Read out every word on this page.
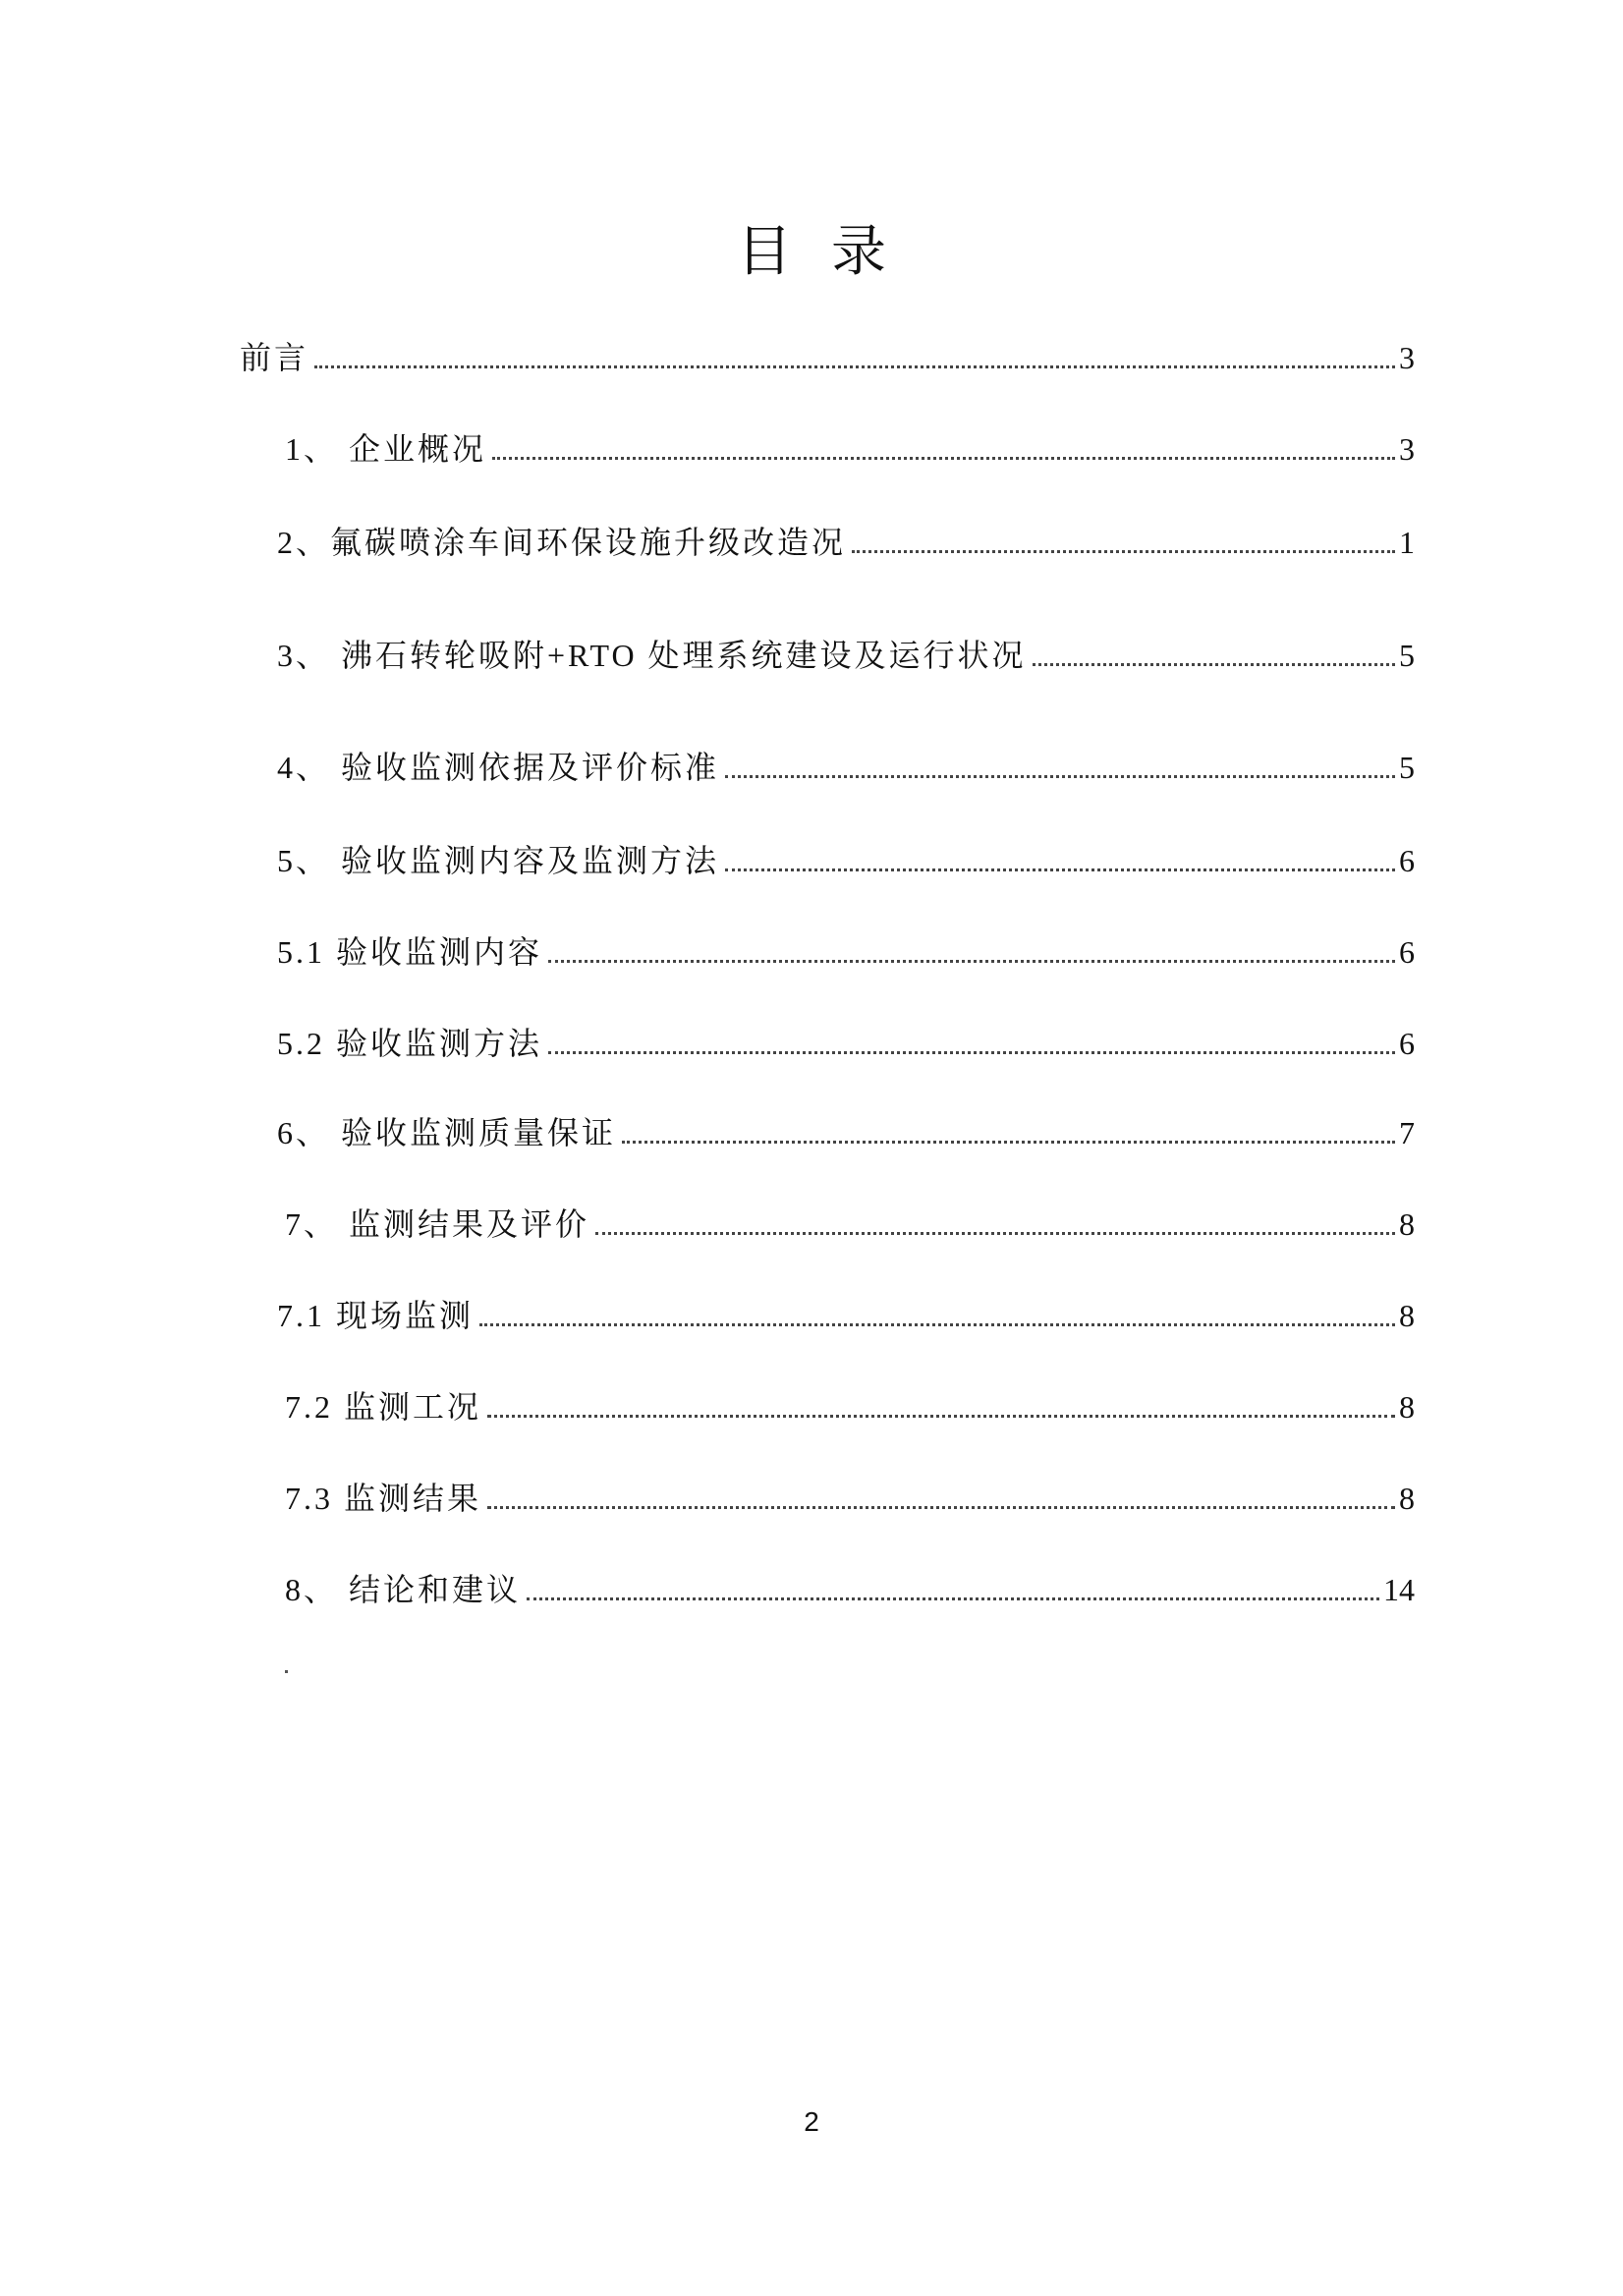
目录
前言	3
1、 企业概况	3
2、氟碳喷涂车间环保设施升级改造况	1
3、 沸石转轮吸附+RTO 处理系统建设及运行状况	5
4、 验收监测依据及评价标准	5
5、 验收监测内容及监测方法	6
5.1 验收监测内容	6
5.2 验收监测方法	6
6、 验收监测质量保证	7
7、 监测结果及评价	8
7.1 现场监测	8
7.2 监测工况	8
7.3 监测结果	8
8、 结论和建议	14
2
